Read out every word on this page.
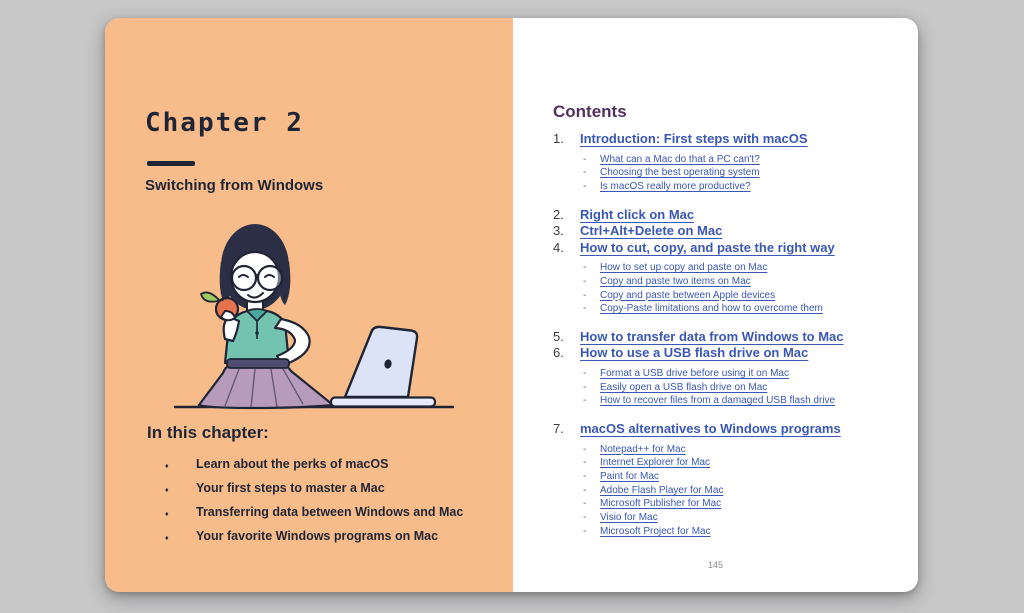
Chapter 2
Switching from Windows
In this chapter:
♦ Learn about the perks of macOS
♦ Your first steps to master a Mac
♦ Transferring data between Windows and Mac
♦ Your favorite Windows programs on Mac
Contents
1.	Introduction: First steps with macOS
- What can a Mac do that a PC can't?
- Choosing the best operating system
- Is macOS really more productive?
2.	Right click on Mac
3.	Ctrl+Alt+Delete on Mac
4.	How to cut, copy, and paste the right way
- How to set up copy and paste on Mac
- Copy and paste two items on Mac
- Copy and paste between Apple devices
- Copy-Paste limitations and how to overcome them
5.	How to transfer data from Windows to Mac
6.	How to use a USB flash drive on Mac
- Format a USB drive before using it on Mac
- Easily open a USB flash drive on Mac
- How to recover files from a damaged USB flash drive
7.	macOS alternatives to Windows programs
- Notepad++ for Mac
- Internet Explorer for Mac
- Paint for Mac
- Adobe Flash Player for Mac
- Microsoft Publisher for Mac
- Visio for Mac
- Microsoft Project for Mac
145
